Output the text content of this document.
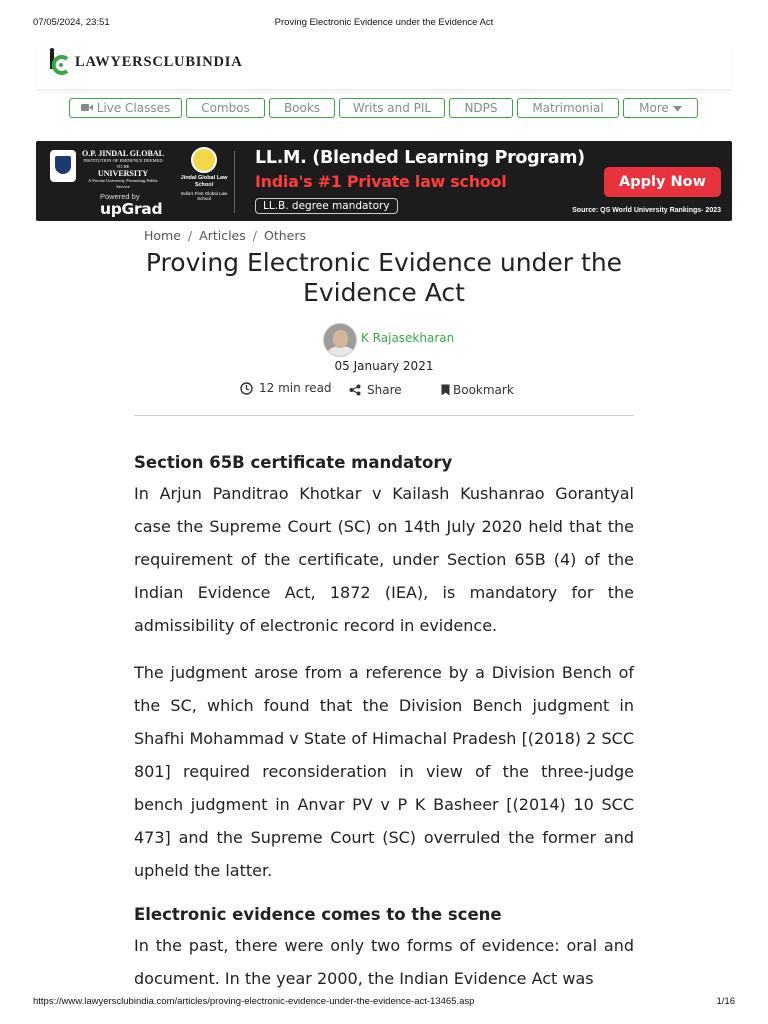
07/05/2024, 23:51	Proving Electronic Evidence under the Evidence Act
LAWYERSCLUBINDIA
Live Classes	Combos	Books	Writs and PIL	NDPS	Matrimonial	More
O.P. JINDAL GLOBAL
INSTITUTION OF EMINENCE DEEMED TO BE
UNIVERSITY
A Private University Promoting Public Service
Jindal Global Law School
India's First Global Law School
Powered by
upGrad
LL.M. (Blended Learning Program)
India's #1 Private law school
LL.B. degree mandatory
Apply Now
Source: QS World University Rankings- 2023
Home / Articles / Others
Proving Electronic Evidence under the Evidence Act
K Rajasekharan
05 January 2021
12 min read	Share	Bookmark
Section 65B certificate mandatory

In Arjun Panditrao Khotkar v Kailash Kushanrao Gorantyal case the Supreme Court (SC) on 14th July 2020 held that the requirement of the certificate, under Section 65B (4) of the Indian Evidence Act, 1872 (IEA), is mandatory for the admissibility of electronic record in evidence.

The judgment arose from a reference by a Division Bench of the SC, which found that the Division Bench judgment in Shafhi Mohammad v State of Himachal Pradesh [(2018) 2 SCC 801] required reconsideration in view of the three-judge bench judgment in Anvar PV v P K Basheer [(2014) 10 SCC 473] and the Supreme Court (SC) overruled the former and upheld the latter.

Electronic evidence comes to the scene

In the past, there were only two forms of evidence: oral and document. In the year 2000, the Indian Evidence Act was

https://www.lawyersclubindia.com/articles/proving-electronic-evidence-under-the-evidence-act-13465.asp	1/16
